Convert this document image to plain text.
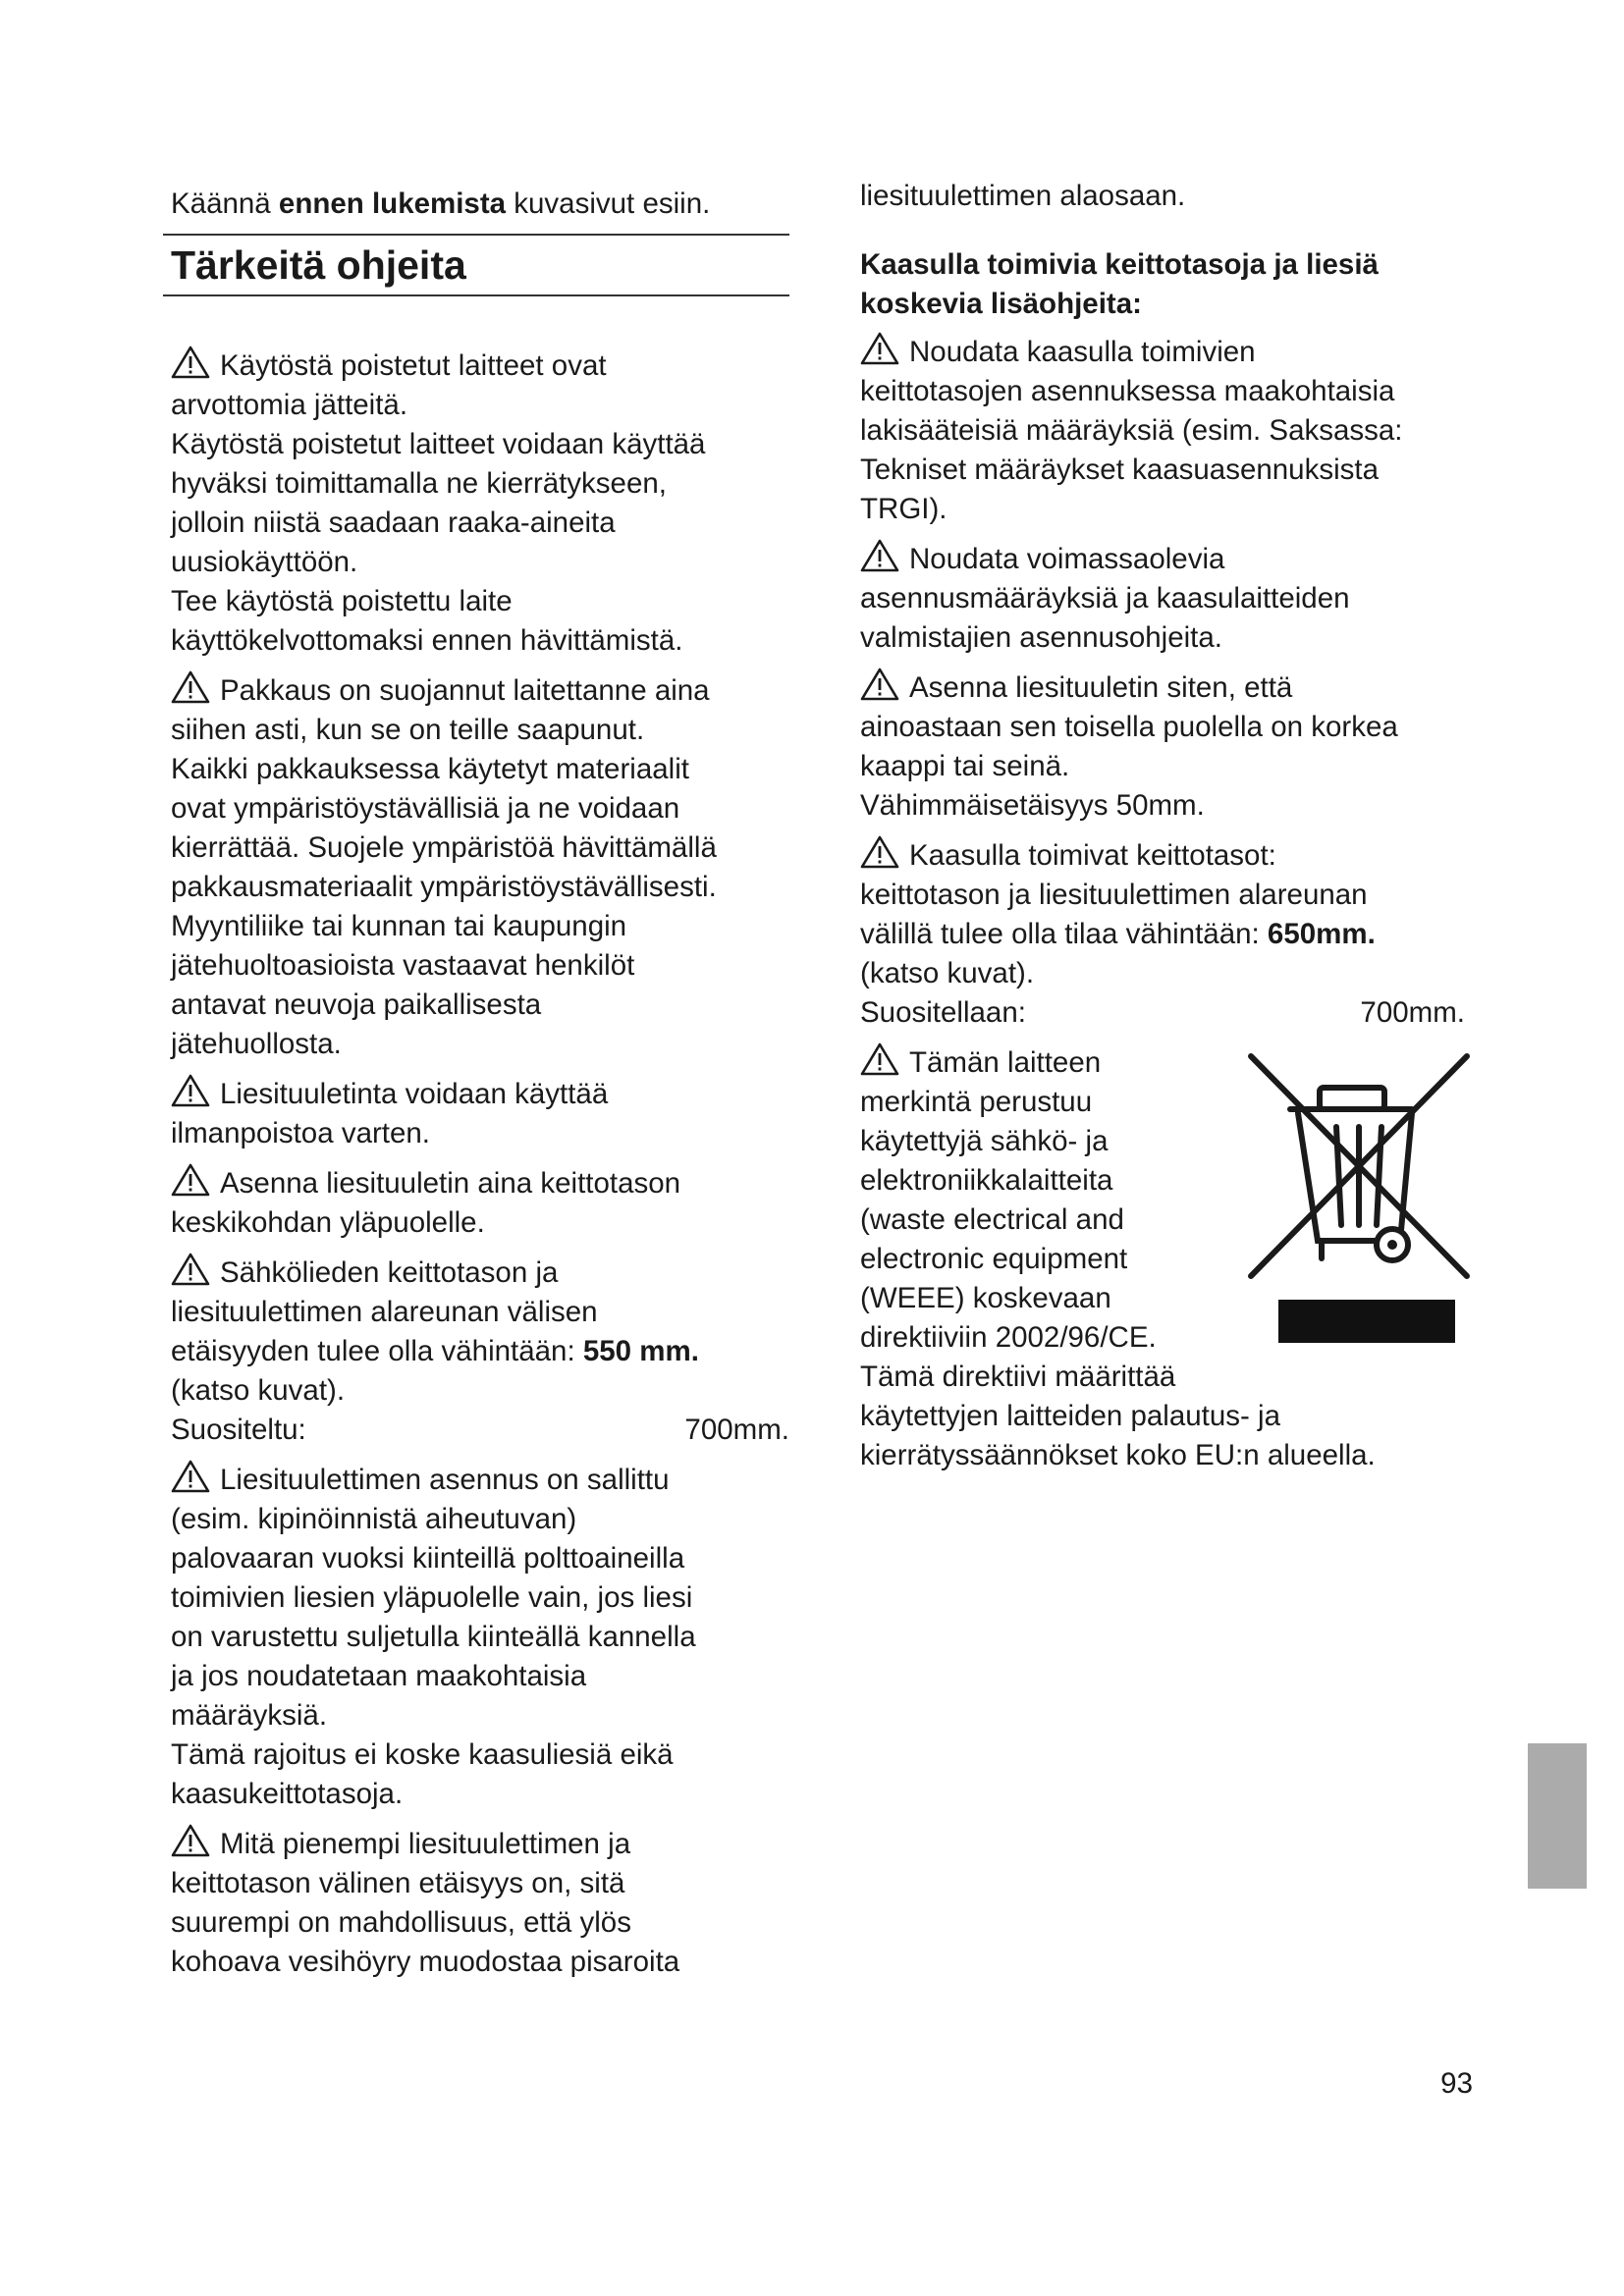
Käännä ennen lukemista kuvasivut esiin.
Tärkeitä ohjeita
Käytöstä poistetut laitteet ovat
arvottomia jätteitä.
Käytöstä poistetut laitteet voidaan käyttää
hyväksi toimittamalla ne kierrätykseen,
jolloin niistä saadaan raaka-aineita
uusiokäyttöön.
Tee käytöstä poistettu laite
käyttökelvottomaksi ennen hävittämistä.
Pakkaus on suojannut laitettanne aina
siihen asti, kun se on teille saapunut.
Kaikki pakkauksessa käytetyt materiaalit
ovat ympäristöystävällisiä ja ne voidaan
kierrättää. Suojele ympäristöä hävittämällä
pakkausmateriaalit ympäristöystävällisesti.
Myyntiliike tai kunnan tai kaupungin
jätehuoltoasioista vastaavat henkilöt
antavat neuvoja paikallisesta
jätehuollosta.
Liesituuletinta voidaan käyttää
ilmanpoistoa varten.
Asenna liesituuletin aina keittotason
keskikohdan yläpuolelle.
Sähkölieden keittotason ja
liesituulettimen alareunan välisen
etäisyyden tulee olla vähintään: 550 mm.
(katso kuvat).
Suositeltu:	700mm.
Liesituulettimen asennus on sallittu
(esim. kipinöinnistä aiheutuvan)
palovaaran vuoksi kiinteillä polttoaineilla
toimivien liesien yläpuolelle vain, jos liesi
on varustettu suljetulla kiinteällä kannella
ja jos noudatetaan maakohtaisia
määräyksiä.
Tämä rajoitus ei koske kaasuliesiä eikä
kaasukeittotasoja.
Mitä pienempi liesituulettimen ja
keittotason välinen etäisyys on, sitä
suurempi on mahdollisuus, että ylös
kohoava vesihöyry muodostaa pisaroita
liesituulettimen alaosaan.
Kaasulla toimivia keittotasoja ja liesiä
koskevia lisäohjeita:
Noudata kaasulla toimivien
keittotasojen asennuksessa maakohtaisia
lakisääteisiä määräyksiä (esim. Saksassa:
Tekniset määräykset kaasuasennuksista
TRGI).
Noudata voimassaolevia
asennusmääräyksiä ja kaasulaitteiden
valmistajien asennusohjeita.
Asenna liesituuletin siten, että
ainoastaan sen toisella puolella on korkea
kaappi tai seinä.
Vähimmäisetäisyys 50mm.
Kaasulla toimivat keittotasot:
keittotason ja liesituulettimen alareunan
välillä tulee olla tilaa vähintään: 650mm.
(katso kuvat).
Suositellaan:	700mm.
Tämän laitteen
merkintä perustuu
käytettyjä sähkö- ja
elektroniikkalaitteita
(waste electrical and
electronic equipment
(WEEE) koskevaan
direktiiviin 2002/96/CE.
Tämä direktiivi määrittää
käytettyjen laitteiden palautus- ja
kierrätyssäännökset koko EU:n alueella.
93
